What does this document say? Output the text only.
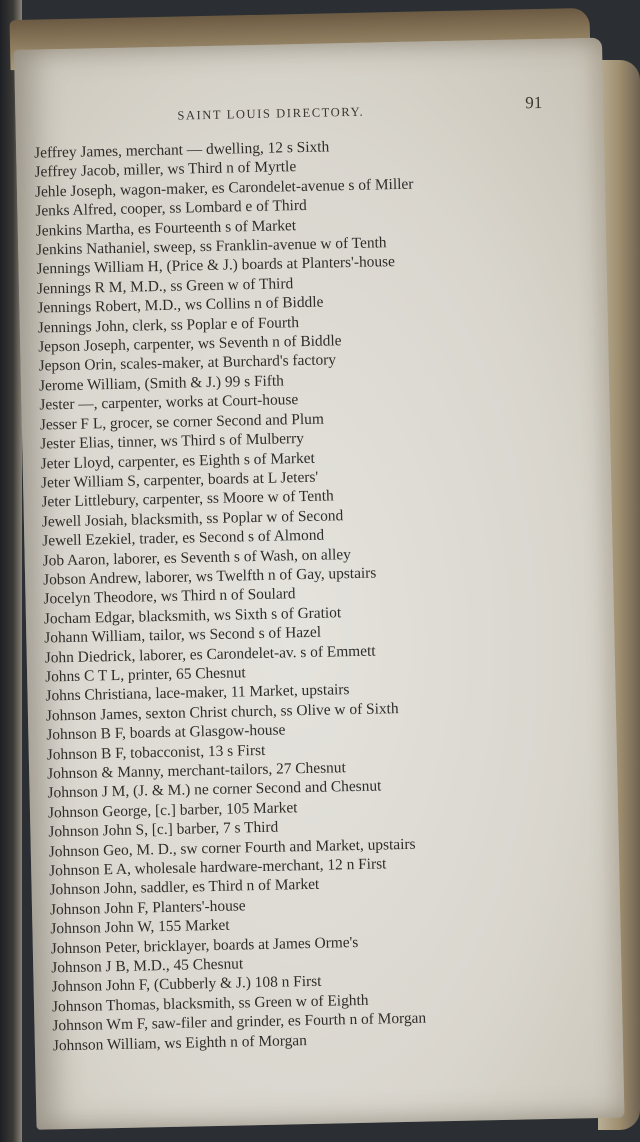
SAINT LOUIS DIRECTORY.
91
Jeffrey James, merchant — dwelling, 12 s Sixth
Jeffrey Jacob, miller, ws Third n of Myrtle
Jehle Joseph, wagon-maker, es Carondelet-avenue s of Miller
Jenks Alfred, cooper, ss Lombard e of Third
Jenkins Martha, es Fourteenth s of Market
Jenkins Nathaniel, sweep, ss Franklin-avenue w of Tenth
Jennings William H, (Price & J.) boards at Planters'-house
Jennings R M, M.D., ss Green w of Third
Jennings Robert, M.D., ws Collins n of Biddle
Jennings John, clerk, ss Poplar e of Fourth
Jepson Joseph, carpenter, ws Seventh n of Biddle
Jepson Orin, scales-maker, at Burchard's factory
Jerome William, (Smith & J.) 99 s Fifth
Jester —, carpenter, works at Court-house
Jesser F L, grocer, se corner Second and Plum
Jester Elias, tinner, ws Third s of Mulberry
Jeter Lloyd, carpenter, es Eighth s of Market
Jeter William S, carpenter, boards at L Jeters'
Jeter Littlebury, carpenter, ss Moore w of Tenth
Jewell Josiah, blacksmith, ss Poplar w of Second
Jewell Ezekiel, trader, es Second s of Almond
Job Aaron, laborer, es Seventh s of Wash, on alley
Jobson Andrew, laborer, ws Twelfth n of Gay, upstairs
Jocelyn Theodore, ws Third n of Soulard
Jocham Edgar, blacksmith, ws Sixth s of Gratiot
Johann William, tailor, ws Second s of Hazel
John Diedrick, laborer, es Carondelet-av. s of Emmett
Johns C T L, printer, 65 Chesnut
Johns Christiana, lace-maker, 11 Market, upstairs
Johnson James, sexton Christ church, ss Olive w of Sixth
Johnson B F, boards at Glasgow-house
Johnson B F, tobacconist, 13 s First
Johnson & Manny, merchant-tailors, 27 Chesnut
Johnson J M, (J. & M.) ne corner Second and Chesnut
Johnson George, [c.] barber, 105 Market
Johnson John S, [c.] barber, 7 s Third
Johnson Geo, M. D., sw corner Fourth and Market, upstairs
Johnson E A, wholesale hardware-merchant, 12 n First
Johnson John, saddler, es Third n of Market
Johnson John F, Planters'-house
Johnson John W, 155 Market
Johnson Peter, bricklayer, boards at James Orme's
Johnson J B, M.D., 45 Chesnut
Johnson John F, (Cubberly & J.) 108 n First
Johnson Thomas, blacksmith, ss Green w of Eighth
Johnson Wm F, saw-filer and grinder, es Fourth n of Morgan
Johnson William, ws Eighth n of Morgan
